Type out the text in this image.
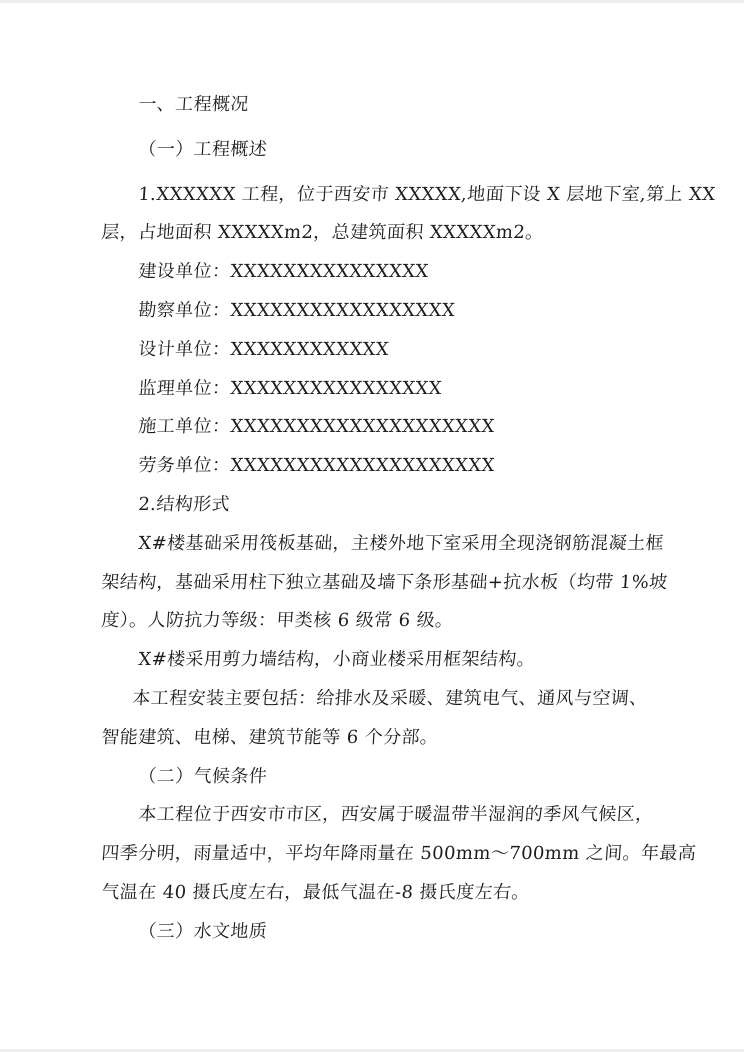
一、工程概况
（一）工程概述
1.XXXXXX 工程，位于西安市 XXXXX,地面下设 X 层地下室,第上 XX
层，占地面积 XXXXXm2，总建筑面积 XXXXXm2。
建设单位：XXXXXXXXXXXXXXX
勘察单位：XXXXXXXXXXXXXXXXX
设计单位：XXXXXXXXXXXX
监理单位：XXXXXXXXXXXXXXXX
施工单位：XXXXXXXXXXXXXXXXXXXX
劳务单位：XXXXXXXXXXXXXXXXXXXX
2.结构形式
X#楼基础采用筏板基础，主楼外地下室采用全现浇钢筋混凝土框
架结构，基础采用柱下独立基础及墙下条形基础+抗水板（均带 1%坡
度）。人防抗力等级：甲类核 6 级常 6 级。
X#楼采用剪力墙结构，小商业楼采用框架结构。
本工程安装主要包括：给排水及采暖、建筑电气、通风与空调、
智能建筑、电梯、建筑节能等 6 个分部。
（二）气候条件
本工程位于西安市市区，西安属于暖温带半湿润的季风气候区，
四季分明，雨量适中，平均年降雨量在 500mm～700mm 之间。年最高
气温在 40 摄氏度左右，最低气温在-8 摄氏度左右。
（三）水文地质
